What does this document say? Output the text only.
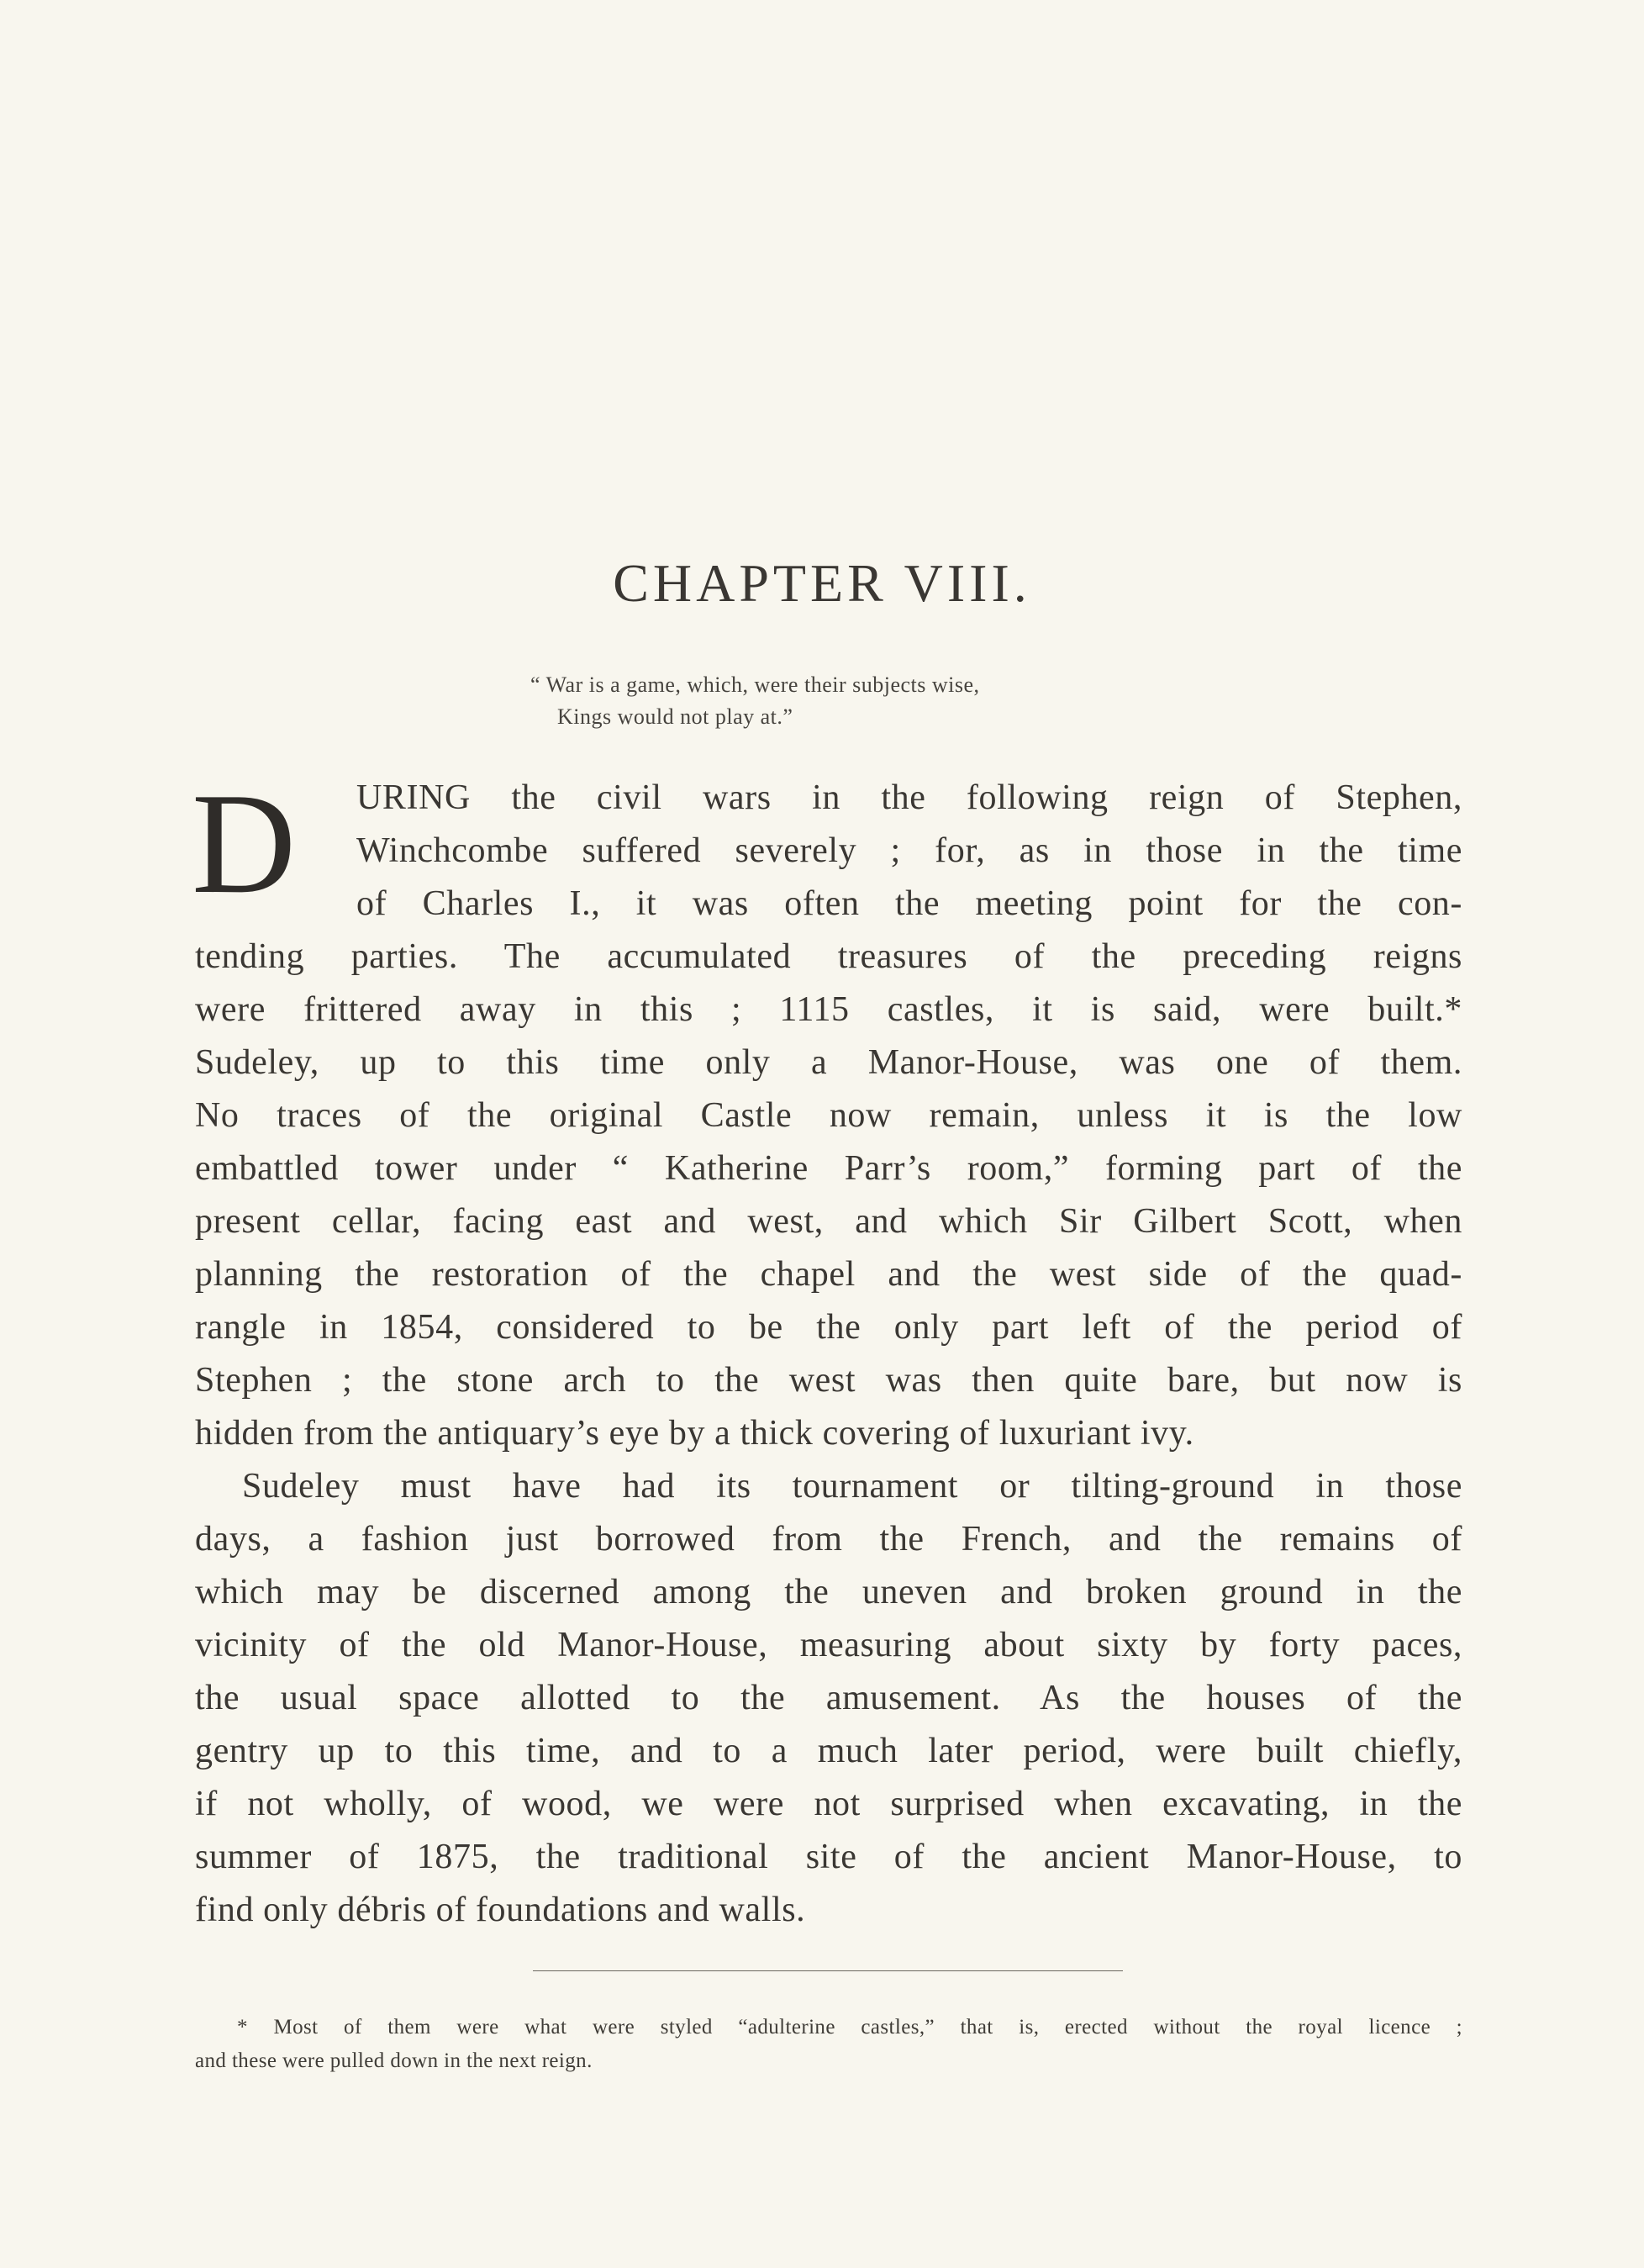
CHAPTER VIII.
“ War is a game, which, were their subjects wise,
Kings would not play at.”
D URING the civil wars in the following reign of Stephen,
Winchcombe suffered severely ; for, as in those in the time
of Charles I., it was often the meeting point for the con-

tending parties. The accumulated treasures of the preceding reigns
were frittered away in this ; 1115 castles, it is said, were built.*
Sudeley, up to this time only a Manor-House, was one of them.
No traces of the original Castle now remain, unless it is the low
embattled tower under “ Katherine Parr’s room,” forming part of the
present cellar, facing east and west, and which Sir Gilbert Scott, when
planning the restoration of the chapel and the west side of the quad-
rangle in 1854, considered to be the only part left of the period of
Stephen ; the stone arch to the west was then quite bare, but now is
hidden from the antiquary’s eye by a thick covering of luxuriant ivy.

Sudeley must have had its tournament or tilting-ground in those
days, a fashion just borrowed from the French, and the remains of
which may be discerned among the uneven and broken ground in the
vicinity of the old Manor-House, measuring about sixty by forty paces,
the usual space allotted to the amusement. As the houses of the
gentry up to this time, and to a much later period, were built chiefly,
if not wholly, of wood, we were not surprised when excavating, in the
summer of 1875, the traditional site of the ancient Manor-House, to
find only débris of foundations and walls.

* Most of them were what were styled “adulterine castles,” that is, erected without the royal licence ;
and these were pulled down in the next reign.
